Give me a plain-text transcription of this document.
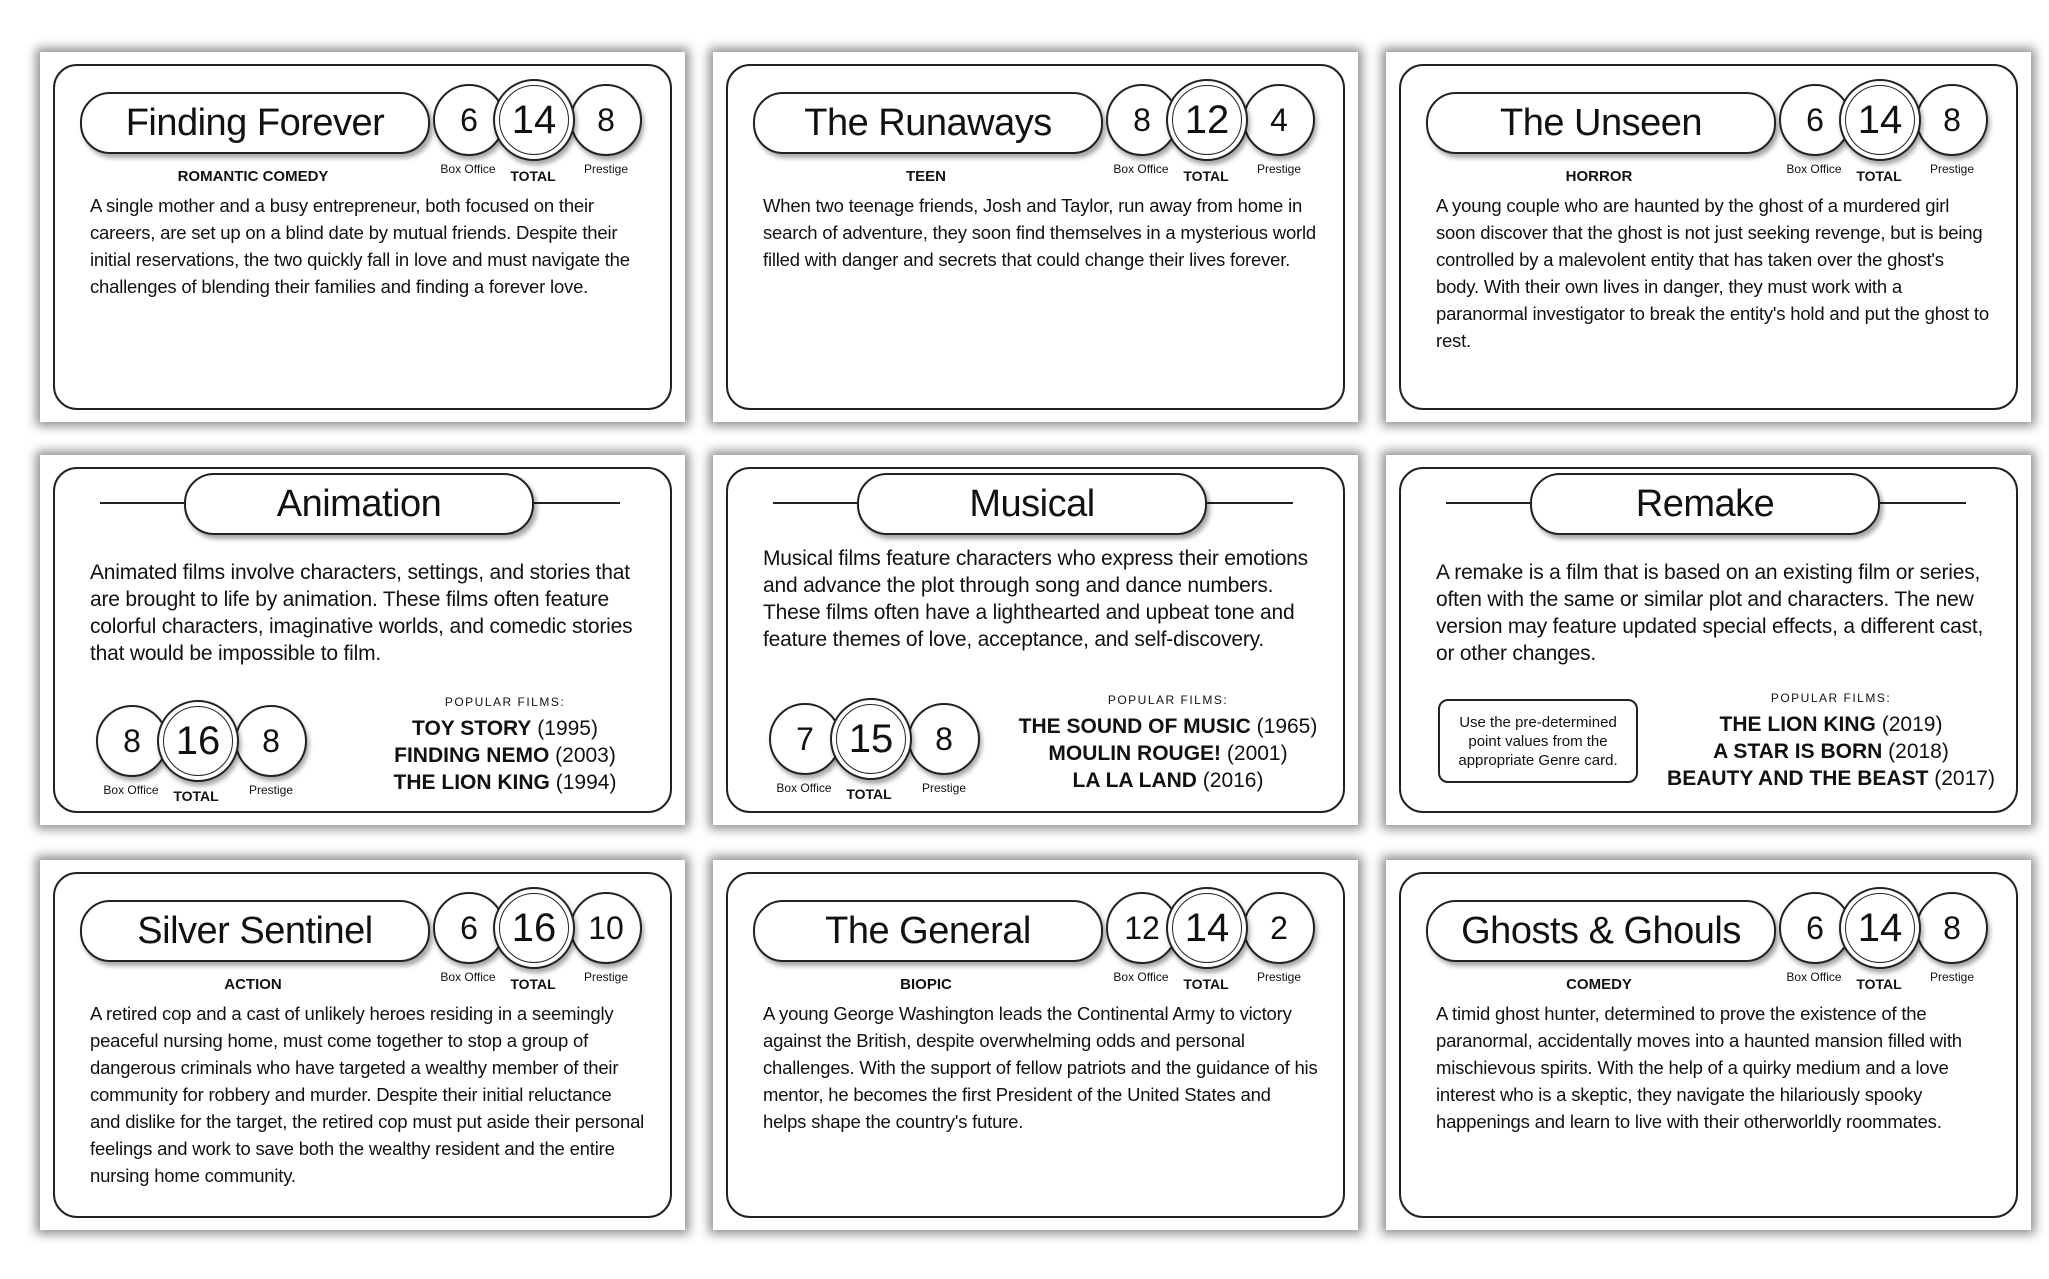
Finding Forever	6	8
14
Box Office	TOTAL	Prestige
ROMANTIC COMEDY
A single mother and a busy entrepreneur, both focused on their careers, are set up on a blind date by mutual friends. Despite their initial reservations, the two quickly fall in love and must navigate the challenges of blending their families and finding a forever love.
The Runaways	8	4
12
Box Office	TOTAL	Prestige
TEEN
When two teenage friends, Josh and Taylor, run away from home in search of adventure, they soon find themselves in a mysterious world filled with danger and secrets that could change their lives forever.
The Unseen	6	8
14
Box Office	TOTAL	Prestige
HORROR
A young couple who are haunted by the ghost of a murdered girl soon discover that the ghost is not just seeking revenge, but is being controlled by a malevolent entity that has taken over the ghost's body. With their own lives in danger, they must work with a paranormal investigator to break the entity's hold and put the ghost to rest.
Animation
Animated films involve characters, settings, and stories that are brought to life by animation. These films often feature colorful characters, imaginative worlds, and comedic stories that would be impossible to film.
8	8
16
Box Office	TOTAL	Prestige
POPULAR FILMS:
TOY STORY (1995)
FINDING NEMO (2003)
THE LION KING (1994)
Musical
Musical films feature characters who express their emotions and advance the plot through song and dance numbers. These films often have a lighthearted and upbeat tone and feature themes of love, acceptance, and self-discovery.
7	8
15
Box Office	TOTAL	Prestige
POPULAR FILMS:
THE SOUND OF MUSIC (1965)
MOULIN ROUGE! (2001)
LA LA LAND (2016)
Remake
A remake is a film that is based on an existing film or series, often with the same or similar plot and characters. The new version may feature updated special effects, a different cast, or other changes.
Use the pre-determined point values from the appropriate Genre card.
POPULAR FILMS:
THE LION KING (2019)
A STAR IS BORN (2018)
BEAUTY AND THE BEAST (2017)
Silver Sentinel	6	10
16
Box Office	TOTAL	Prestige
ACTION
A retired cop and a cast of unlikely heroes residing in a seemingly peaceful nursing home, must come together to stop a group of dangerous criminals who have targeted a wealthy member of their community for robbery and murder. Despite their initial reluctance and dislike for the target, the retired cop must put aside their personal feelings and work to save both the wealthy resident and the entire nursing home community.
The General	12	2
14
Box Office	TOTAL	Prestige
BIOPIC
A young George Washington leads the Continental Army to victory against the British, despite overwhelming odds and personal challenges. With the support of fellow patriots and the guidance of his mentor, he becomes the first President of the United States and helps shape the country's future.
Ghosts & Ghouls	6	8
14
Box Office	TOTAL	Prestige
COMEDY
A timid ghost hunter, determined to prove the existence of the paranormal, accidentally moves into a haunted mansion filled with mischievous spirits. With the help of a quirky medium and a love interest who is a skeptic, they navigate the hilariously spooky happenings and learn to live with their otherworldly roommates.
